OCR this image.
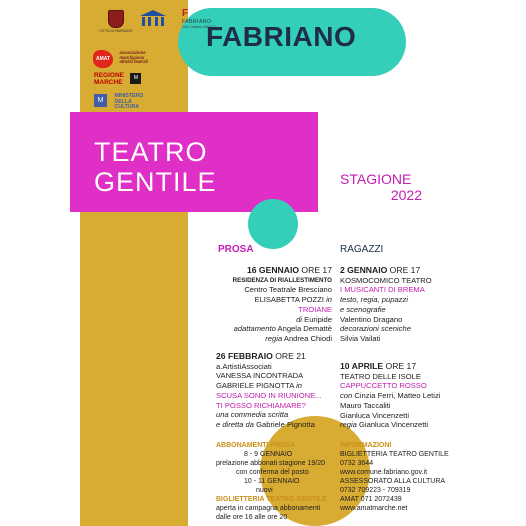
CITTÀ DI FABRIANO
F
FABRIANO
Città Creativa UNESCO
AMAT associazione
marchigiana
attività teatrali
REGIONE
MARCHE M
M MINISTERO
DELLA
CULTURA
FABRIANO
TEATRO
GENTILE	STAGIONE
2022
PROSA
16 GENNAIO ORE 17
RESIDENZA DI RIALLESTIMENTO
Centro Teatrale Bresciano
ELISABETTA POZZI in
TROIANE
di Euripide
adattamento Angela Demattè
regia Andrea Chiodi
26 FEBBRAIO ORE 21
a.ArtistiAssociati
VANESSA INCONTRADA
GABRIELE PIGNOTTA in
SCUSA SONO IN RIUNIONE...
TI POSSO RICHIAMARE?
una commedia scritta
e diretta da Gabriele Pignotta
ABBONAMENTI PROSA
8 - 9 GENNAIO
prelazione abbonati stagione 19/20
con conferma del posto
10 - 11 GENNAIO
nuovi
BIGLIETTERIA TEATRO GENTILE
aperta in campagna abbonamenti
dalle ore 16 alle ore 20
RAGAZZI
2 GENNAIO ORE 17
KOSMOCOMICO TEATRO
I MUSICANTI DI BREMA
testo, regia, pupazzi
e scenografie
Valentino Dragano
decorazioni sceniche
Silvia Vailati
10 APRILE ORE 17
TEATRO DELLE ISOLE
CAPPUCCETTO ROSSO
con Cinzia Ferri, Matteo Letizi
Mauro Taccaliti
Gianluca Vincenzetti
regia Gianluca Vincenzetti
INFORMAZIONI
BIGLIETTERIA TEATRO GENTILE
0732 3644
www.comune.fabriano.gov.it
ASSESSORATO ALLA CULTURA
0732 709223 - 709319
AMAT 071 2072439
www.amatmarche.net
